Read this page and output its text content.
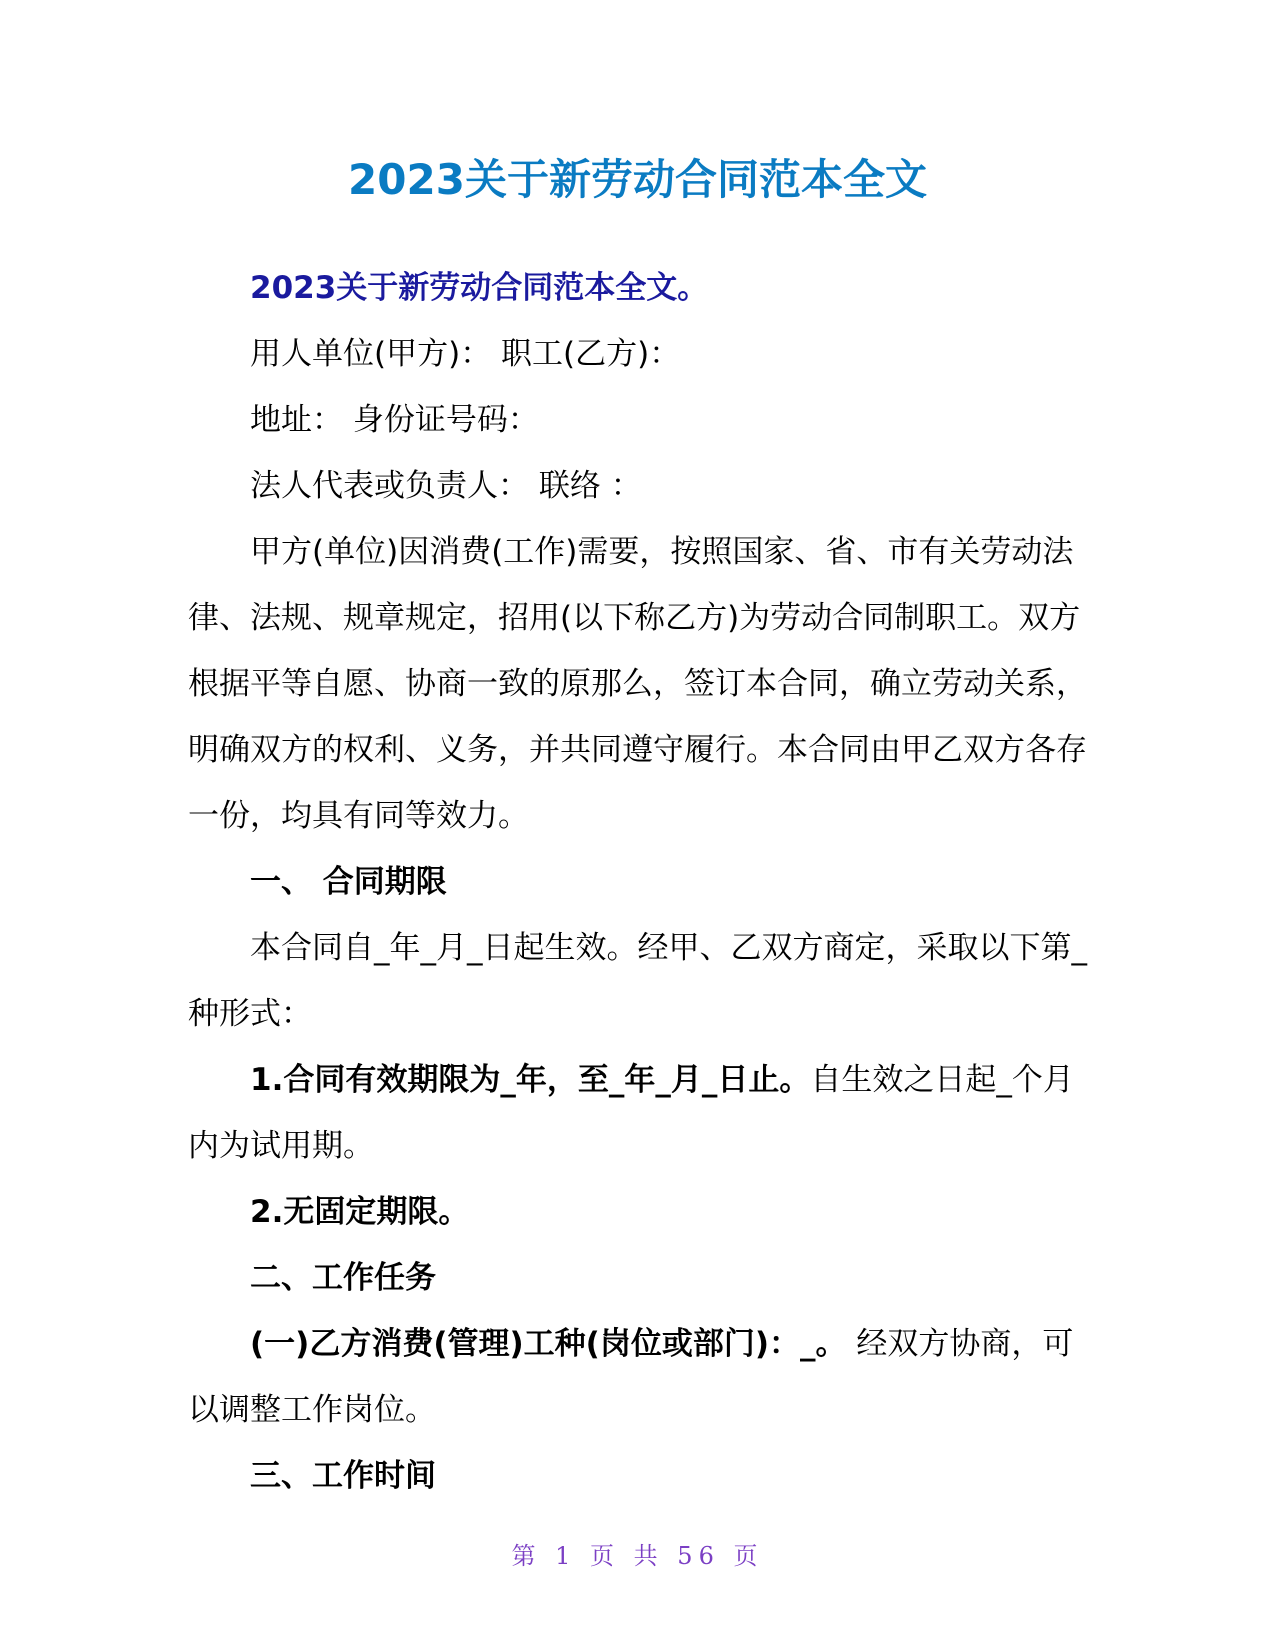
2023关于新劳动合同范本全文

2023关于新劳动合同范本全文。

用人单位(甲方)： 职工(乙方)：

地址： 身份证号码：

法人代表或负责人： 联络 ：

甲方(单位)因消费(工作)需要，按照国家、省、市有关劳动法律、法规、规章规定，招用(以下称乙方)为劳动合同制职工。双方根据平等自愿、协商一致的原那么，签订本合同，确立劳动关系，明确双方的权利、义务，并共同遵守履行。本合同由甲乙双方各存一份，均具有同等效力。

一、 合同期限

本合同自_年_月_日起生效。经甲、乙双方商定，采取以下第_种形式：

1.合同有效期限为_年，至_年_月_日止。自生效之日起_个月内为试用期。

2.无固定期限。

二、工作任务

(一)乙方消费(管理)工种(岗位或部门)：_。 经双方协商，可以调整工作岗位。

三、工作时间

第 1 页 共 56 页
